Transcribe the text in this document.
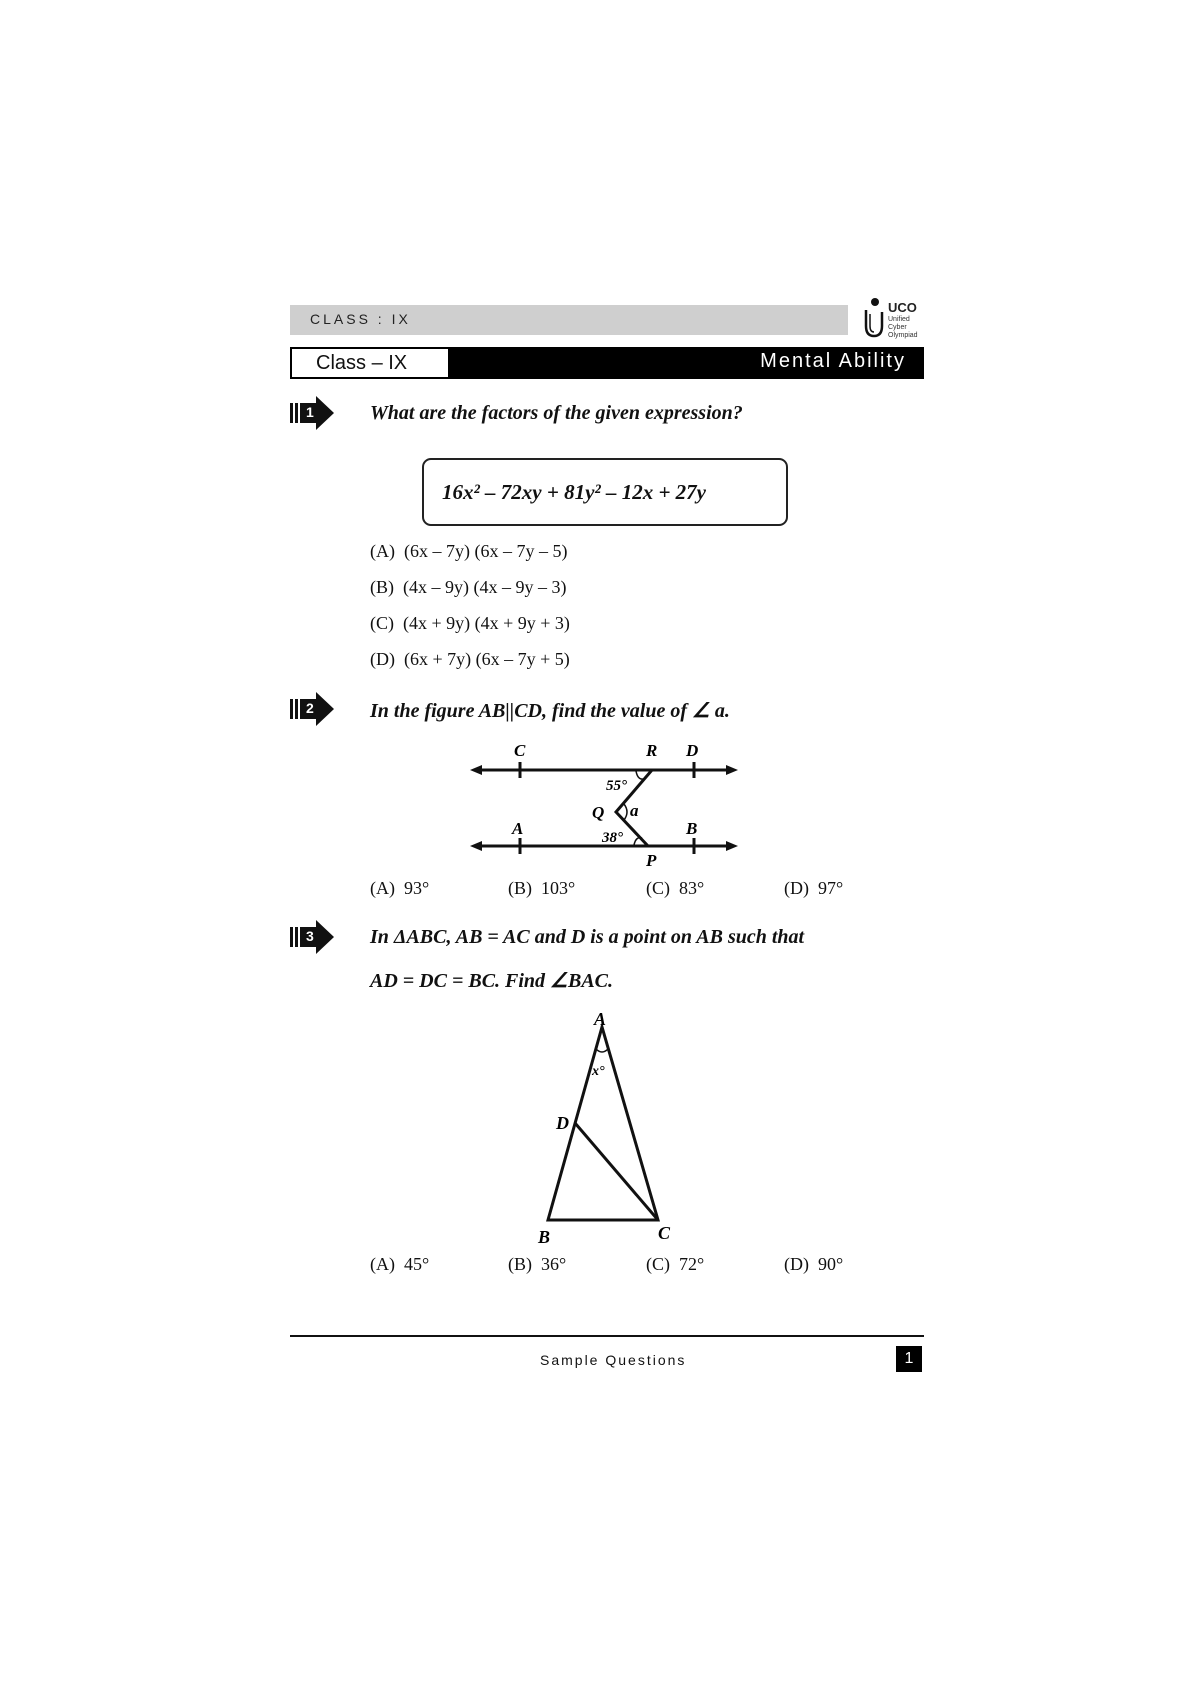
CLASS : IX
UCO
Unified Cyber Olympiad
Class – IX	Mental Ability
1	What are the factors of the given expression?
16x² – 72xy + 81y² – 12x + 27y
(A) (6x – 7y) (6x – 7y – 5)
(B) (4x – 9y) (4x – 9y – 3)
(C) (4x + 9y) (4x + 9y + 3)
(D) (6x + 7y) (6x – 7y + 5)
2	In the figure AB||CD, find the value of ∠ a.
C	R D
A	B
P
Q a
55°
38°
(A) 93°	(B) 103°	(C) 83°	(D) 97°
3	In ΔABC, AB = AC and D is a point on AB such that
AD = DC = BC. Find ∠BAC.
A
x°
D
B	C
(A) 45°	(B) 36°	(C) 72°	(D) 90°
Sample Questions	1
